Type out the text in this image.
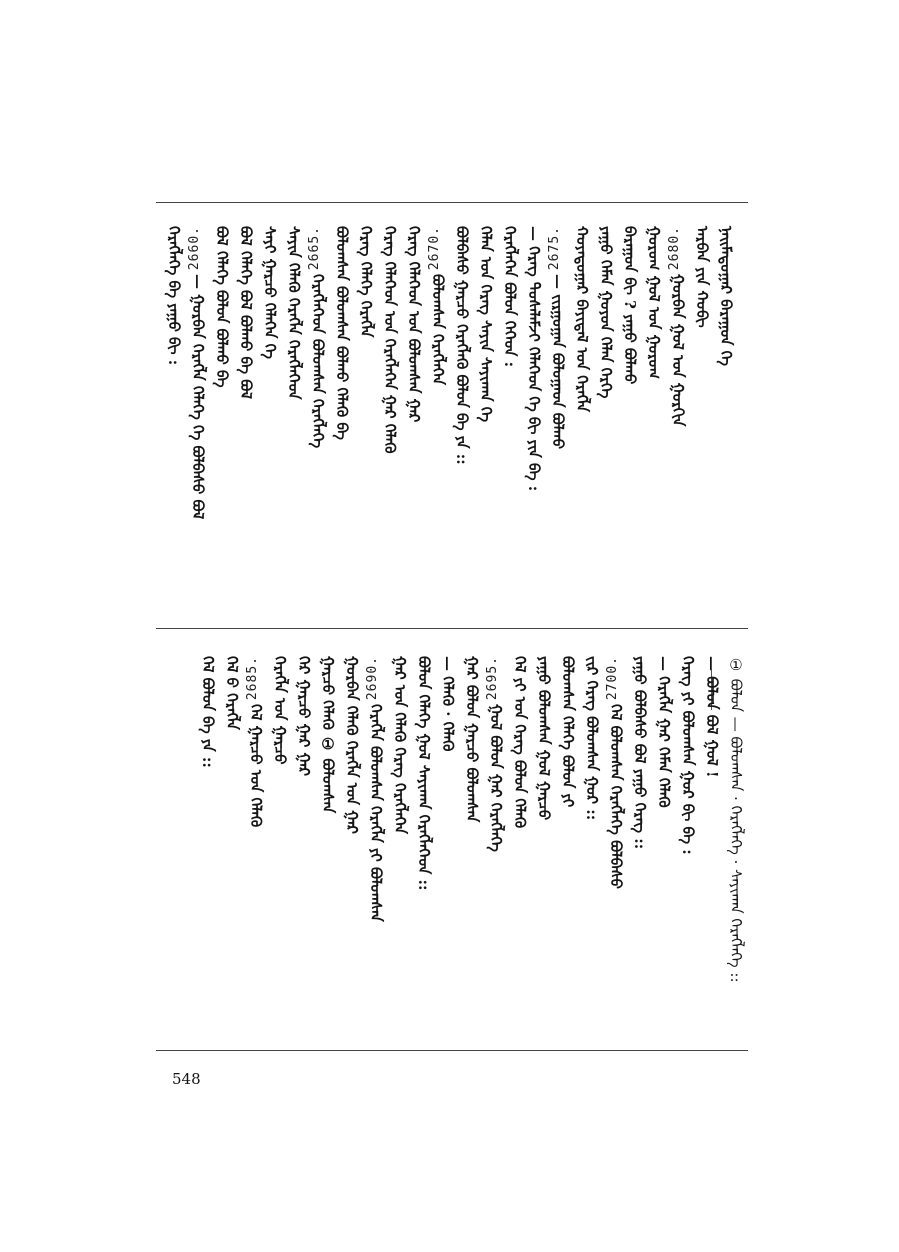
ᠨᠠᠢᠮᠠᠳᠤᠭᠠᠷ ᠪᠠᠷᠠᠭᠤᠨ ᠬᠡ
ᠠᠷᠪᠠᠨ ᠶᠢᠨ ᠬᠤᠪᠢ
2680.
ᠭᠤᠷᠪᠠᠨ ᠭᠣᠯ ᠤᠨ ᠭᠣᠷᠬᠢᠨ
ᠭᠣᠷᠤᠭ ᠭᠣᠯ ᠤᠨ ᠭᠣᠷᠤᠭ
ᠪᠠᠷᠠᠭᠤᠨ ᠪᠢ ? ᠶᠠᠭᠤ ᠪᠣᠯᠬᠤ
ᠶᠠᠭᠤ ᠬᠡᠮᠡᠨ ᠭᠤᠶᠤᠨ ᠬᠡᠯᠡᠨ ᠬᠡᠷᠭᠡ
ᠬᠣᠶᠠᠳᠤᠭᠠᠷ ᠪᠠᠶᠢᠳᠠᠯ ᠤᠨ ᠬᠡᠷᠡᠭᠯᠡ
2675.
— ᠵᠢᠷᠭᠤᠭᠠᠨ ᠪᠣᠯᠤᠭᠠᠳ ᠪᠣᠯᠬᠤ
— ᠬᠡᠷᠡᠭ ᠲᠤᠰᠠᠯᠠᠮᠵᠢ ᠬᠡᠯᠡᠭᠡᠳ ᠬᠡ ᠪᠢ ᠶᠢᠨ ᠪᠠ :
ᠬᠡᠷᠡᠭᠯᠡᠭᠡᠨ ᠪᠣᠯᠤᠨ ᠬᠡᠭᠡᠳ :
ᠬᠡᠯᠡᠨ ᠤᠨ ᠬᠡᠷᠡᠭ ᠰᠠᠶᠢᠨ ᠰᠠᠶᠢᠬᠠᠨ ᠬᠡ
ᠪᠣᠯᠪᠠᠰᠤ ᠭᠠᠷᠴᠤ ᠬᠡᠷᠡᠭᠯᠡᠬᠦ ᠪᠣᠯᠤᠨ ᠪᠠ ᠶᠠ ::
2670.
ᠪᠣᠯᠤᠭᠰᠠᠨ ᠬᠡᠷᠡᠭᠯᠡᠭᠡᠨ
ᠬᠡᠷᠡᠭ ᠬᠡᠯᠡᠭᠡᠳ ᠤᠨ ᠪᠣᠯᠤᠭᠰᠠᠨ ᠭᠠᠷ
ᠬᠡᠷᠡᠭ ᠬᠡᠯᠡᠭᠡᠳ ᠤᠨ ᠬᠡᠷᠡᠭᠯᠡᠭᠡᠨ ᠭᠠᠷ ᠬᠡᠯᠡᠬᠦ
ᠬᠡᠷᠡᠭ ᠬᠡᠯᠡᠭᠡ ᠬᠡᠷᠡᠭᠯᠡ
ᠪᠣᠯᠤᠭᠰᠠᠨ ᠪᠣᠯᠤᠭᠰᠠᠨ ᠪᠣᠯᠬᠤ ᠬᠡᠯᠡᠬᠦ ᠪᠠ
2665.
ᠬᠡᠷᠡᠭᠯᠡᠭᠡᠳ ᠪᠣᠯᠤᠭᠰᠠᠨ ᠬᠡᠷᠡᠭᠯᠡᠭᠡ
ᠰᠠᠶᠢᠨ ᠬᠡᠯᠡᠬᠦ ᠬᠡᠷᠡᠭᠯᠡ ᠬᠡᠷᠡᠭᠯᠡᠭᠡᠳ
ᠰᠠᠶᠢ ᠭᠠᠷᠴᠤ ᠬᠡᠯᠡᠭᠡᠨ ᠬᠡ
ᠪᠣᠯ ᠬᠡᠯᠡᠭᠡ ᠪᠣᠯ ᠪᠣᠯᠬᠤ ᠪᠠ ᠪᠣᠯ
ᠪᠣᠯ ᠬᠡᠯᠡᠭᠡ ᠪᠣᠯᠤᠨ ᠪᠣᠯᠬᠤ ᠪᠠ
2660.
— ᠭᠤᠷᠪᠠᠨ ᠬᠡᠷᠡᠭᠯᠡ ᠬᠡᠯᠡᠭᠡ ᠬᠡ ᠪᠣᠯᠪᠠᠰᠤ ᠪᠣᠯ
ᠬᠡᠷᠡᠭᠯᠡᠭᠡ ᠪᠠ ᠶᠠᠭᠤ ᠪᠢ :
① ᠪᠣᠯᠤᠨ — ᠪᠣᠯᠤᠭᠰᠠᠨ · ᠬᠡᠷᠡᠭᠯᠡᠭᠡ · ᠰᠠᠶᠢᠬᠠᠨ ᠬᠡᠷᠡᠭᠯᠡᠭᠡ ::
— ᠪᠣᠯᠤᠨ ᠪᠣᠯ ᠭᠣᠯ !
ᠬᠡᠷᠡᠭ ᠶᠢ ᠪᠣᠯᠤᠭᠰᠠᠨ ᠭᠣᠷ ᠪᠢ ᠪᠠ :
— ᠬᠡᠷᠡᠭᠯᠡ ᠭᠠᠷ ᠬᠡᠮᠡᠨ ᠬᠡᠯᠡᠬᠦ
ᠶᠠᠭᠤ ᠪᠣᠯᠪᠠᠰᠤ ᠪᠣᠯ ᠶᠠᠭᠤ ᠬᠡᠷᠡᠭ ::
2700.
ᠬᠡᠯ ᠪᠣᠯᠤᠭᠰᠠᠨ ᠬᠡᠷᠡᠭᠯᠡᠭᠡ ᠪᠣᠯᠪᠠᠰᠤ
ᠵᠢᠷ ᠬᠡᠷᠡᠭ ᠪᠣᠯᠤᠭᠰᠠᠨ ᠭᠣᠷ ::
ᠪᠣᠯᠤᠭᠰᠠᠨ ᠬᠡᠯᠡᠭᠡ ᠪᠣᠯᠤᠨ ᠶᠢ
ᠶᠠᠭᠤ ᠪᠣᠯᠤᠭᠰᠠᠨ ᠭᠣᠯ ᠭᠠᠷᠴᠤ
ᠬᠡᠯ ᠶᠢ ᠤᠨ ᠬᠡᠷᠡᠭ ᠪᠣᠯᠤᠨ ᠬᠡᠯᠡᠬᠦ
2695.
ᠭᠣᠯ ᠪᠣᠯᠤᠨ ᠭᠠᠷ ᠬᠡᠷᠡᠭᠯᠡᠭᠡ
ᠭᠠᠷ ᠪᠣᠯᠤᠨ ᠭᠠᠷᠴᠤ ᠪᠣᠯᠤᠭᠰᠠᠨ
— ᠬᠡᠯᠡᠬᠦ · ᠬᠡᠯᠡᠬᠦ
ᠪᠣᠯᠤᠨ ᠬᠡᠯᠡᠭᠡ ᠭᠣᠯ ᠰᠠᠶᠢᠬᠠᠨ ᠬᠡᠷᠡᠭᠯᠡᠭᠡᠳ ::
ᠭᠠᠷ ᠤᠨ ᠬᠡᠯᠡᠬᠦ ᠬᠡᠷᠡᠭ ᠬᠡᠷᠡᠭᠯᠡᠭᠡᠨ
2690.
ᠬᠡᠷᠡᠭᠯᠡ ᠪᠣᠯᠤᠭᠰᠠᠨ ᠬᠡᠷᠡᠭᠯᠡ ᠶᠢ ᠪᠣᠯᠤᠭᠰᠠᠨ
ᠭᠤᠷᠪᠠᠨ ᠬᠡᠯᠡᠬᠦ ᠬᠡᠷᠡᠭᠯᠡ ᠤᠨ ᠭᠠᠷ
ᠭᠠᠷᠴᠤ ᠬᠡᠯᠡᠬᠦ ① ᠪᠣᠯᠤᠭᠰᠠᠨ
ᠬᠡᠷ ᠭᠠᠷᠴᠤ ᠭᠠᠷ ᠭᠠᠷ
ᠬᠡᠷᠡᠭᠯᠡ ᠤᠨ ᠭᠠᠷᠴᠤ
2685.
ᠬᠡᠯ ᠭᠠᠷᠴᠤ ᠤᠨ ᠬᠡᠯᠡᠬᠦ
ᠬᠡᠯ ᠪ ᠬᠡᠷᠡᠭᠯᠡ
ᠬᠡᠯ ᠪᠣᠯᠤᠨ ᠪᠠ ᠶᠠ ::
548
